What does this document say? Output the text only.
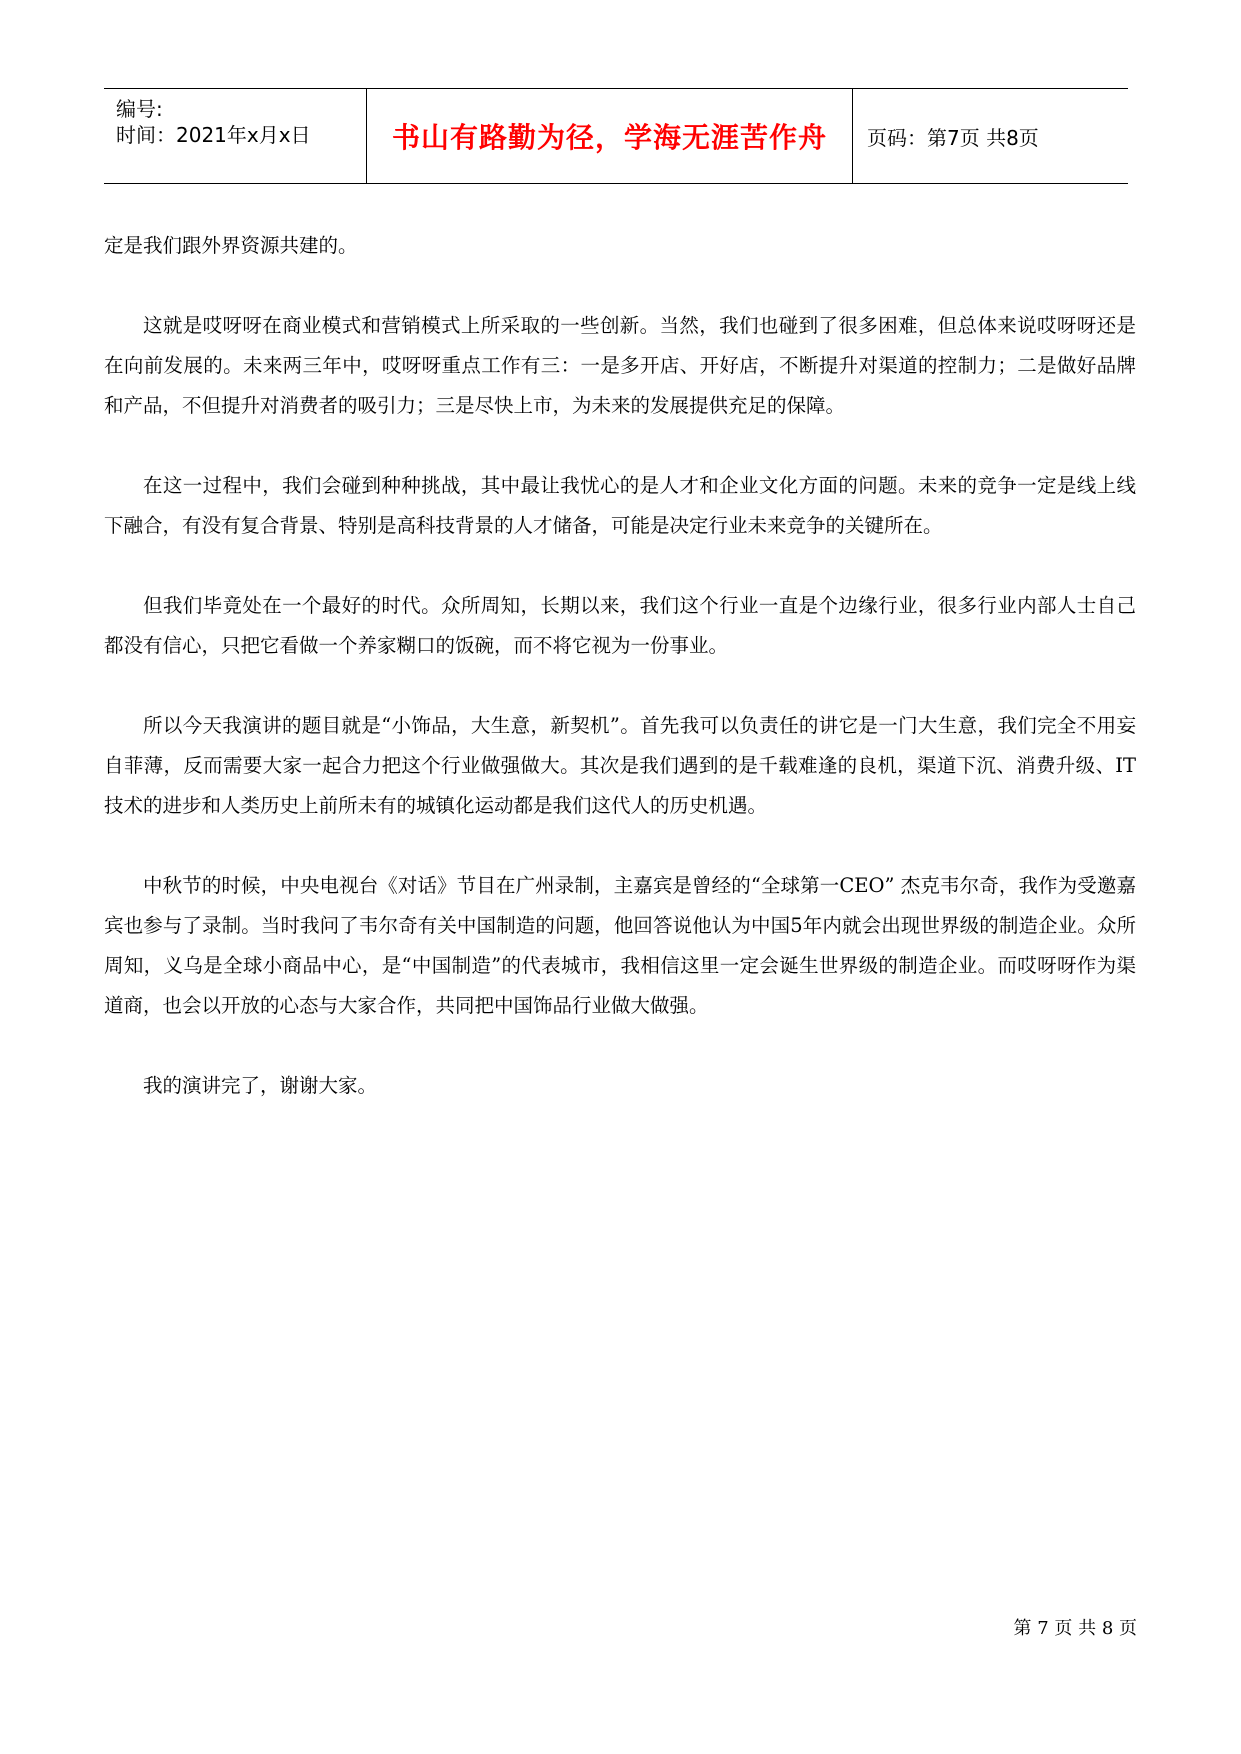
编号:
时间：2021年x月x日	书山有路勤为径，学海无涯苦作舟	页码：第7页 共8页

定是我们跟外界资源共建的。

这就是哎呀呀在商业模式和营销模式上所采取的一些创新。当然，我们也碰到了很多困难，但总体来说哎呀呀还是在向前发展的。未来两三年中，哎呀呀重点工作有三：一是多开店、开好店，不断提升对渠道的控制力；二是做好品牌和产品，不但提升对消费者的吸引力；三是尽快上市，为未来的发展提供充足的保障。

在这一过程中，我们会碰到种种挑战，其中最让我忧心的是人才和企业文化方面的问题。未来的竞争一定是线上线下融合，有没有复合背景、特别是高科技背景的人才储备，可能是决定行业未来竞争的关键所在。

但我们毕竟处在一个最好的时代。众所周知，长期以来，我们这个行业一直是个边缘行业，很多行业内部人士自己都没有信心，只把它看做一个养家糊口的饭碗，而不将它视为一份事业。

所以今天我演讲的题目就是“小饰品，大生意，新契机”。首先我可以负责任的讲它是一门大生意，我们完全不用妄自菲薄，反而需要大家一起合力把这个行业做强做大。其次是我们遇到的是千载难逢的良机，渠道下沉、消费升级、IT技术的进步和人类历史上前所未有的城镇化运动都是我们这代人的历史机遇。

中秋节的时候，中央电视台《对话》节目在广州录制，主嘉宾是曾经的“全球第一CEO” 杰克韦尔奇，我作为受邀嘉宾也参与了录制。当时我问了韦尔奇有关中国制造的问题，他回答说他认为中国5年内就会出现世界级的制造企业。众所周知，义乌是全球小商品中心，是“中国制造”的代表城市，我相信这里一定会诞生世界级的制造企业。而哎呀呀作为渠道商，也会以开放的心态与大家合作，共同把中国饰品行业做大做强。

我的演讲完了，谢谢大家。

第 7 页 共 8 页
